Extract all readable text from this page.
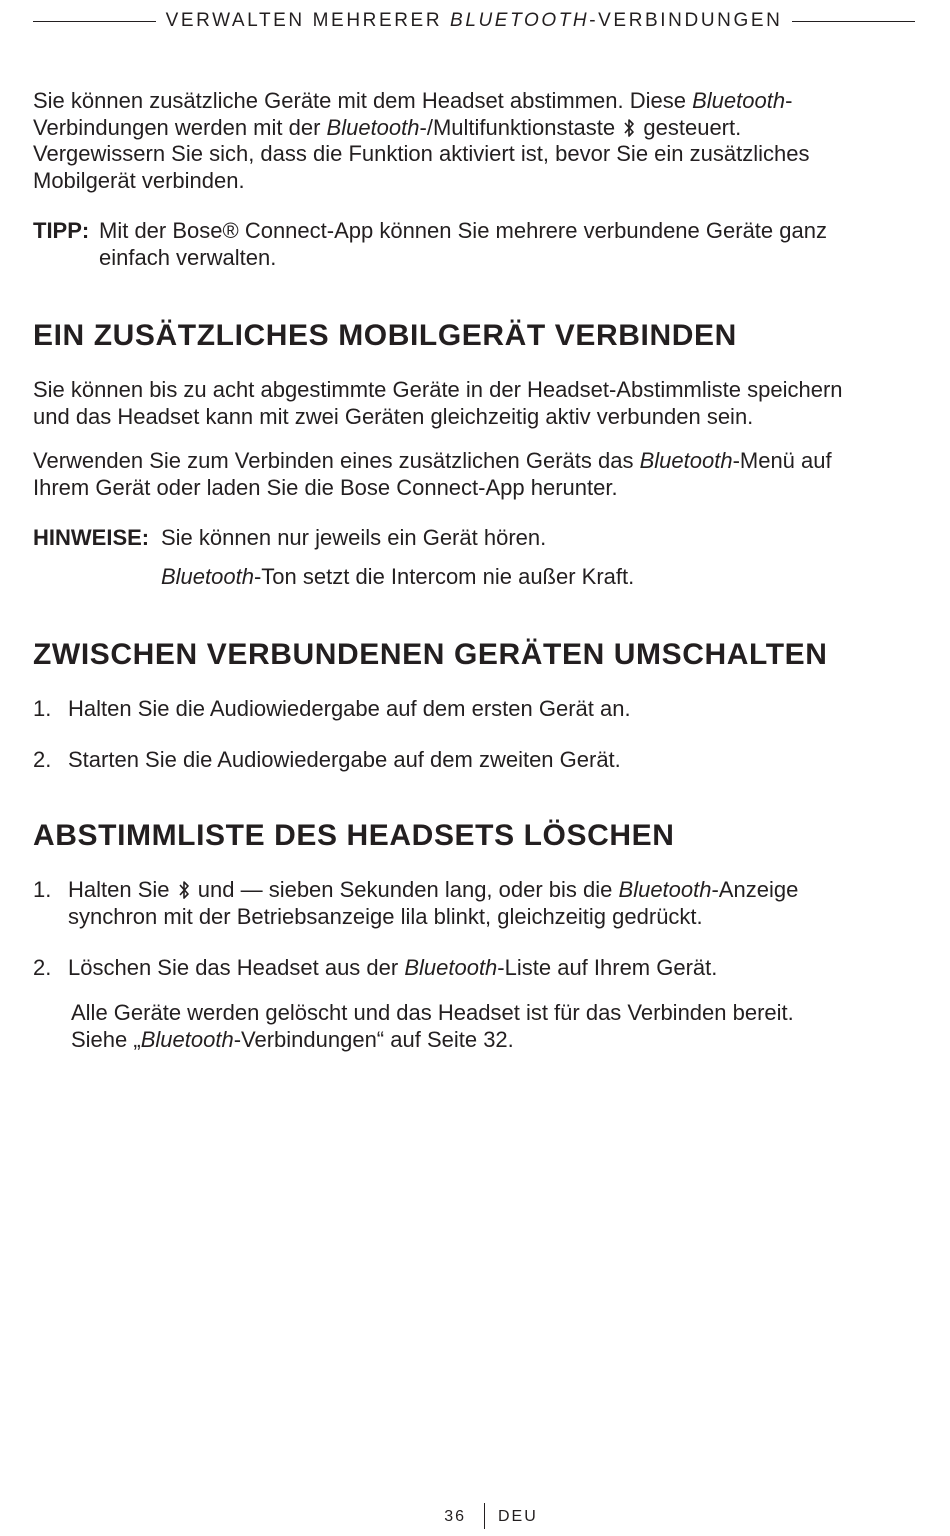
VERWALTEN MEHRERER BLUETOOTH-VERBINDUNGEN

Sie können zusätzliche Geräte mit dem Headset abstimmen. Diese Bluetooth-
Verbindungen werden mit der Bluetooth-/Multifunktionstaste gesteuert.
Vergewissern Sie sich, dass die Funktion aktiviert ist, bevor Sie ein zusätzliches
Mobilgerät verbinden.

TIPP: Mit der Bose® Connect-App können Sie mehrere verbundene Geräte ganz
einfach verwalten.
EIN ZUSÄTZLICHES MOBILGERÄT VERBINDEN

Sie können bis zu acht abgestimmte Geräte in der Headset-Abstimmliste speichern
und das Headset kann mit zwei Geräten gleichzeitig aktiv verbunden sein.

Verwenden Sie zum Verbinden eines zusätzlichen Geräts das Bluetooth-Menü auf
Ihrem Gerät oder laden Sie die Bose Connect-App herunter.

HINWEISE: Sie können nur jeweils ein Gerät hören.
Bluetooth-Ton setzt die Intercom nie außer Kraft.
ZWISCHEN VERBUNDENEN GERÄTEN UMSCHALTEN
1. Halten Sie die Audiowiedergabe auf dem ersten Gerät an.
2. Starten Sie die Audiowiedergabe auf dem zweiten Gerät.
ABSTIMMLISTE DES HEADSETS LÖSCHEN
1. Halten Sie und — sieben Sekunden lang, oder bis die Bluetooth-Anzeige
synchron mit der Betriebsanzeige lila blinkt, gleichzeitig gedrückt.
2. Löschen Sie das Headset aus der Bluetooth-Liste auf Ihrem Gerät.

Alle Geräte werden gelöscht und das Headset ist für das Verbinden bereit.
Siehe „Bluetooth-Verbindungen“ auf Seite 32.

36 DEU
